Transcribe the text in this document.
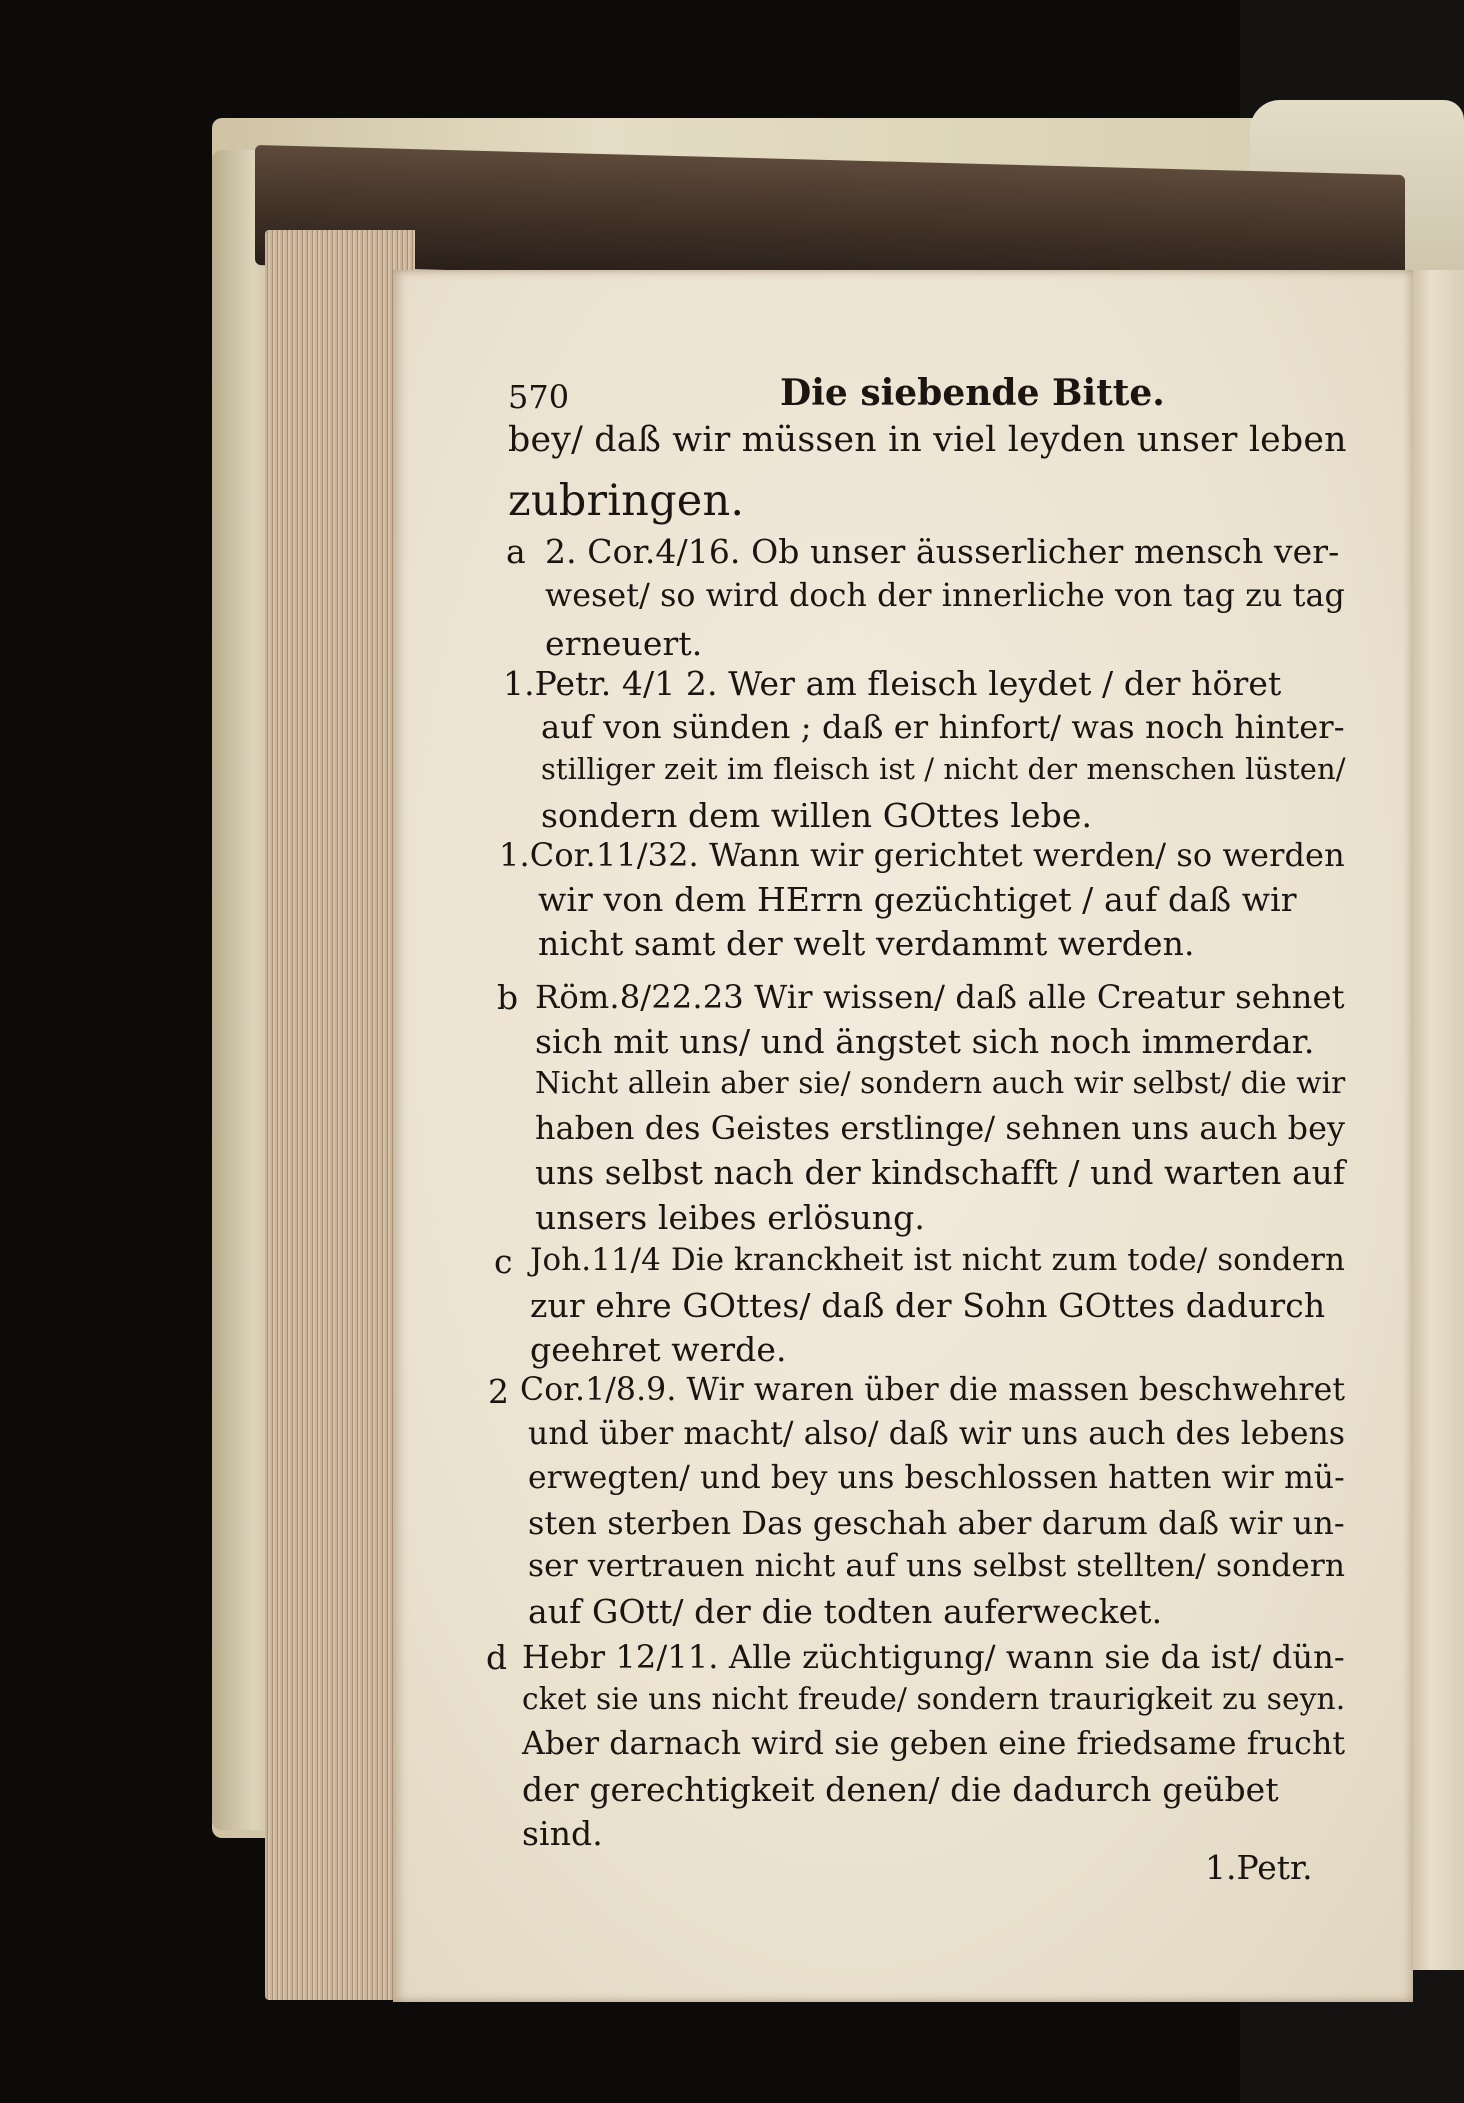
570	Die siebende Bitte.
bey/ daß wir müssen in viel leyden unser leben
zubringen.
a 2. Cor.4/16. Ob unser äusserlicher mensch ver-
weset/ so wird doch der innerliche von tag zu tag
erneuert.
1.Petr. 4/1 2. Wer am fleisch leydet / der höret
auf von sünden ; daß er hinfort/ was noch hinter-
stilliger zeit im fleisch ist / nicht der menschen lüsten/
sondern dem willen GOttes lebe.
1.Cor.11/32. Wann wir gerichtet werden/ so werden
wir von dem HErrn gezüchtiget / auf daß wir
nicht samt der welt verdammt werden.
b Röm.8/22.23 Wir wissen/ daß alle Creatur sehnet
sich mit uns/ und ängstet sich noch immerdar.
Nicht allein aber sie/ sondern auch wir selbst/ die wir
haben des Geistes erstlinge/ sehnen uns auch bey
uns selbst nach der kindschafft / und warten auf
unsers leibes erlösung.
c Joh.11/4 Die kranckheit ist nicht zum tode/ sondern
zur ehre GOttes/ daß der Sohn GOttes dadurch
geehret werde.
2 Cor.1/8.9. Wir waren über die massen beschwehret
und über macht/ also/ daß wir uns auch des lebens
erwegten/ und bey uns beschlossen hatten wir mü-
sten sterben Das geschah aber darum daß wir un-
ser vertrauen nicht auf uns selbst stellten/ sondern
auf GOtt/ der die todten auferwecket.
d Hebr 12/11. Alle züchtigung/ wann sie da ist/ dün-
cket sie uns nicht freude/ sondern traurigkeit zu seyn.
Aber darnach wird sie geben eine friedsame frucht
der gerechtigkeit denen/ die dadurch geübet
sind.
1.Petr.
